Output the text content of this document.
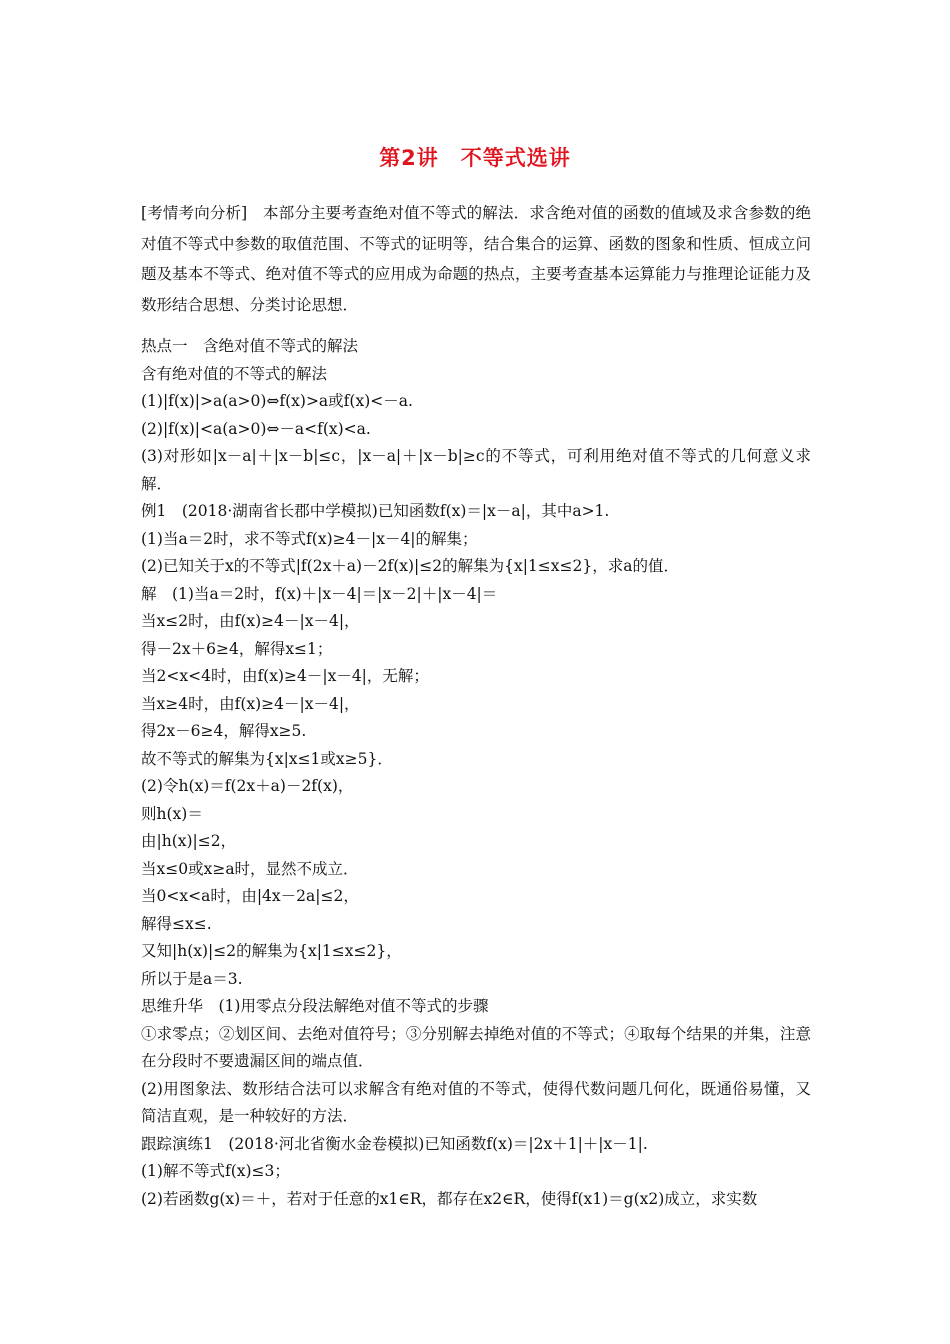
第2讲　不等式选讲
[考情考向分析]　本部分主要考查绝对值不等式的解法．求含绝对值的函数的值域及求含参数的绝对值不等式中参数的取值范围、不等式的证明等，结合集合的运算、函数的图象和性质、恒成立问题及基本不等式、绝对值不等式的应用成为命题的热点，主要考查基本运算能力与推理论证能力及数形结合思想、分类讨论思想．
热点一　含绝对值不等式的解法
含有绝对值的不等式的解法
(1)|f(x)|>a(a>0)⇔f(x)>a或f(x)<－a.
(2)|f(x)|<a(a>0)⇔－a<f(x)<a.
(3)对形如|x－a|＋|x－b|≤c，|x－a|＋|x－b|≥c的不等式，可利用绝对值不等式的几何意义求解．
例1　(2018·湖南省长郡中学模拟)已知函数f(x)＝|x－a|，其中a>1.
(1)当a＝2时，求不等式f(x)≥4－|x－4|的解集；
(2)已知关于x的不等式|f(2x＋a)－2f(x)|≤2的解集为{x|1≤x≤2}，求a的值．
解　(1)当a＝2时，f(x)＋|x－4|＝|x－2|＋|x－4|＝
当x≤2时，由f(x)≥4－|x－4|，
得－2x＋6≥4，解得x≤1；
当2<x<4时，由f(x)≥4－|x－4|，无解；
当x≥4时，由f(x)≥4－|x－4|，
得2x－6≥4，解得x≥5.
故不等式的解集为{x|x≤1或x≥5}．
(2)令h(x)＝f(2x＋a)－2f(x)，
则h(x)＝
由|h(x)|≤2，
当x≤0或x≥a时，显然不成立．
当0<x<a时，由|4x－2a|≤2，
解得≤x≤.
又知|h(x)|≤2的解集为{x|1≤x≤2}，
所以于是a＝3.
思维升华　(1)用零点分段法解绝对值不等式的步骤
①求零点；②划区间、去绝对值符号；③分别解去掉绝对值的不等式；④取每个结果的并集，注意在分段时不要遗漏区间的端点值．
(2)用图象法、数形结合法可以求解含有绝对值的不等式，使得代数问题几何化，既通俗易懂，又简洁直观，是一种较好的方法．
跟踪演练1　(2018·河北省衡水金卷模拟)已知函数f(x)＝|2x＋1|＋|x－1|.
(1)解不等式f(x)≤3；
(2)若函数g(x)＝＋，若对于任意的x1∈R，都存在x2∈R，使得f(x1)＝g(x2)成立，求实数
